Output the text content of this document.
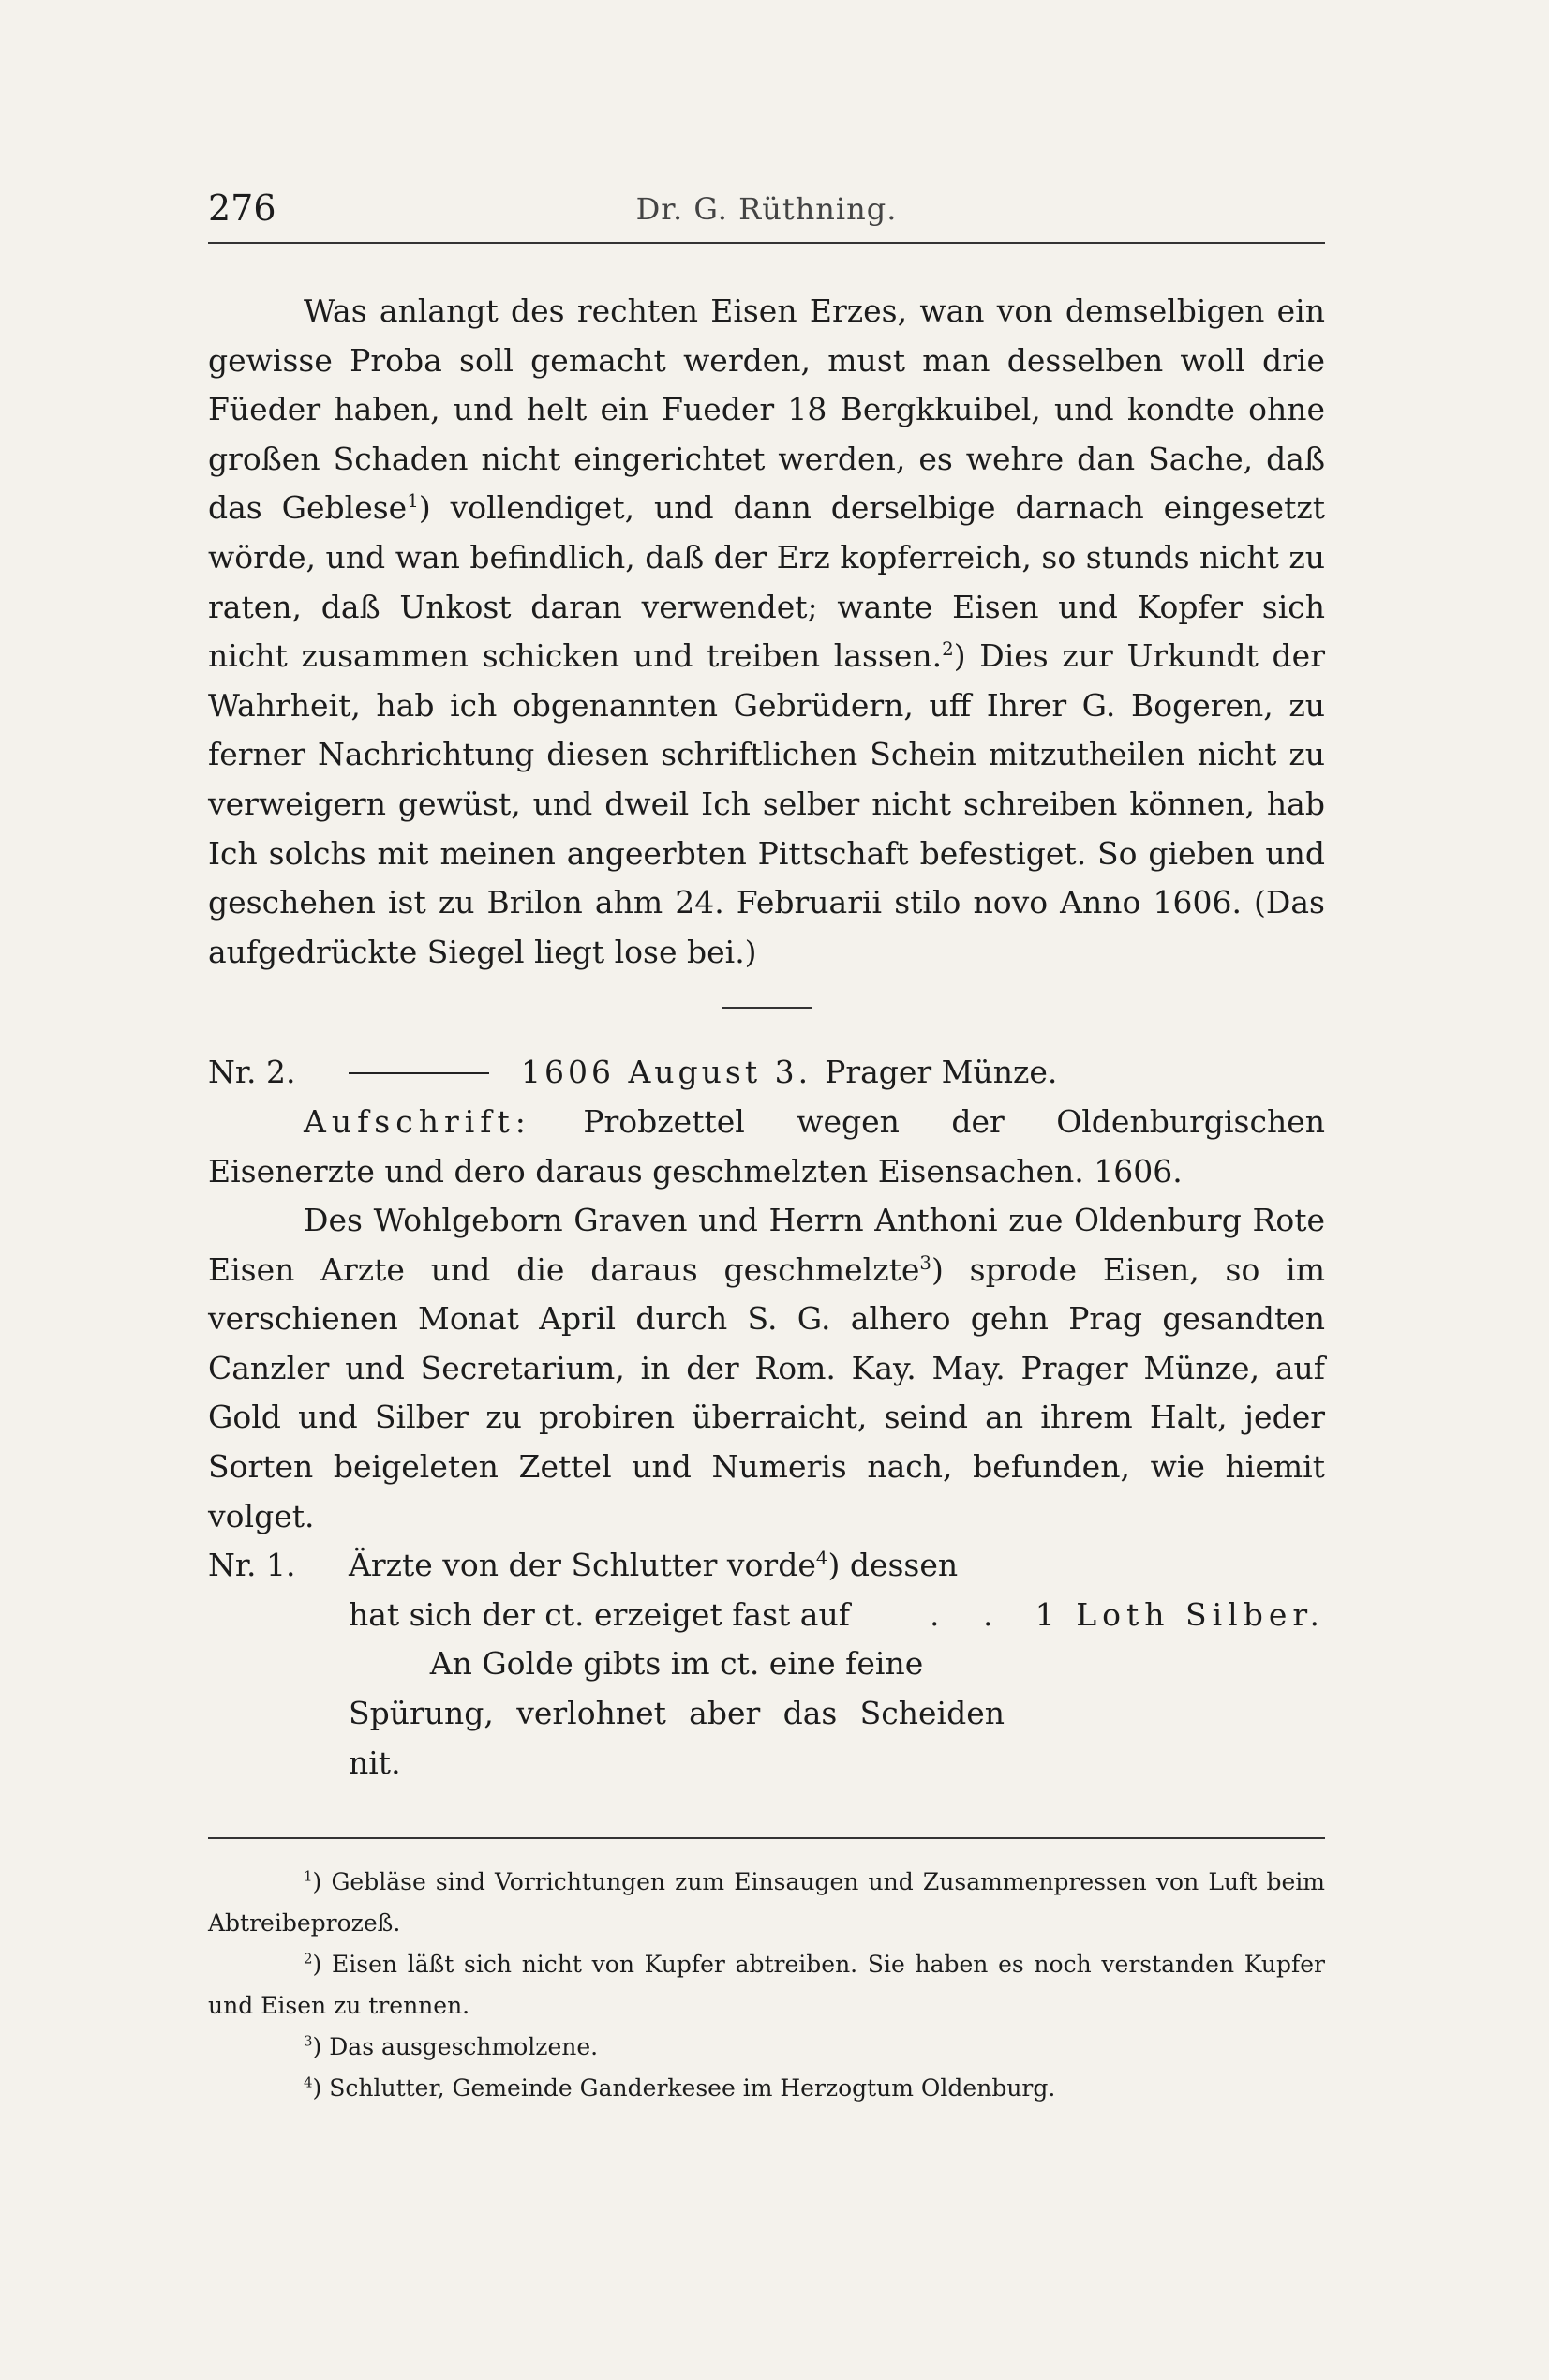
276	Dr. G. Rüthning.

Was anlangt des rechten Eisen Erzes, wan von demselbigen ein gewisse Proba soll gemacht werden, must man desselben woll drie Füeder haben, und helt ein Fueder 18 Bergkkuibel, und kondte ohne großen Schaden nicht eingerichtet werden, es wehre dan Sache, daß das Geblese$^1$) vollendiget, und dann derselbige darnach eingesetzt wörde, und wan befindlich, daß der Erz kopferreich, so stunds nicht zu raten, daß Unkost daran verwendet; wante Eisen und Kopfer sich nicht zusammen schicken und treiben lassen.$^2$) Dies zur Urkundt der Wahrheit, hab ich obgenannten Gebrüdern, uff Ihrer G. Bogeren, zu ferner Nachrichtung diesen schriftlichen Schein mitzutheilen nicht zu verweigern gewüst, und dweil Ich selber nicht schreiben können, hab Ich solchs mit meinen angeerbten Pittschaft befestiget. So gieben und geschehen ist zu Brilon ahm 24. Februarii stilo novo Anno 1606. (Das aufgedrückte Siegel liegt lose bei.)

Nr. 2.	1606 August 3. Prager Münze.

Aufschrift: Probzettel wegen der Oldenburgischen Eisenerzte und dero daraus geschmelzten Eisensachen. 1606.

Des Wohlgeborn Graven und Herrn Anthoni zue Oldenburg Rote Eisen Arzte und die daraus geschmelzte$^3$) sprode Eisen, so im verschienen Monat April durch S. G. alhero gehn Prag gesandten Canzler und Secretarium, in der Rom. Kay. May. Prager Münze, auf Gold und Silber zu probiren überraicht, seind an ihrem Halt, jeder Sorten beigeleten Zettel und Numeris nach, befunden, wie hiemit volget.

Nr. 1.	Ärzte von der Schlutter vorde$^4$) dessen
hat sich der ct. erzeiget fast auf	. . 1 Loth Silber.
An Golde gibts im ct. eine feine
Spürung, verlohnet aber das Scheiden nit.

$^1$) Gebläse sind Vorrichtungen zum Einsaugen und Zusammenpressen von Luft beim Abtreibeprozeß.

$^2$) Eisen läßt sich nicht von Kupfer abtreiben. Sie haben es noch verstanden Kupfer und Eisen zu trennen.

$^3$) Das ausgeschmolzene.

$^4$) Schlutter, Gemeinde Ganderkesee im Herzogtum Oldenburg.
